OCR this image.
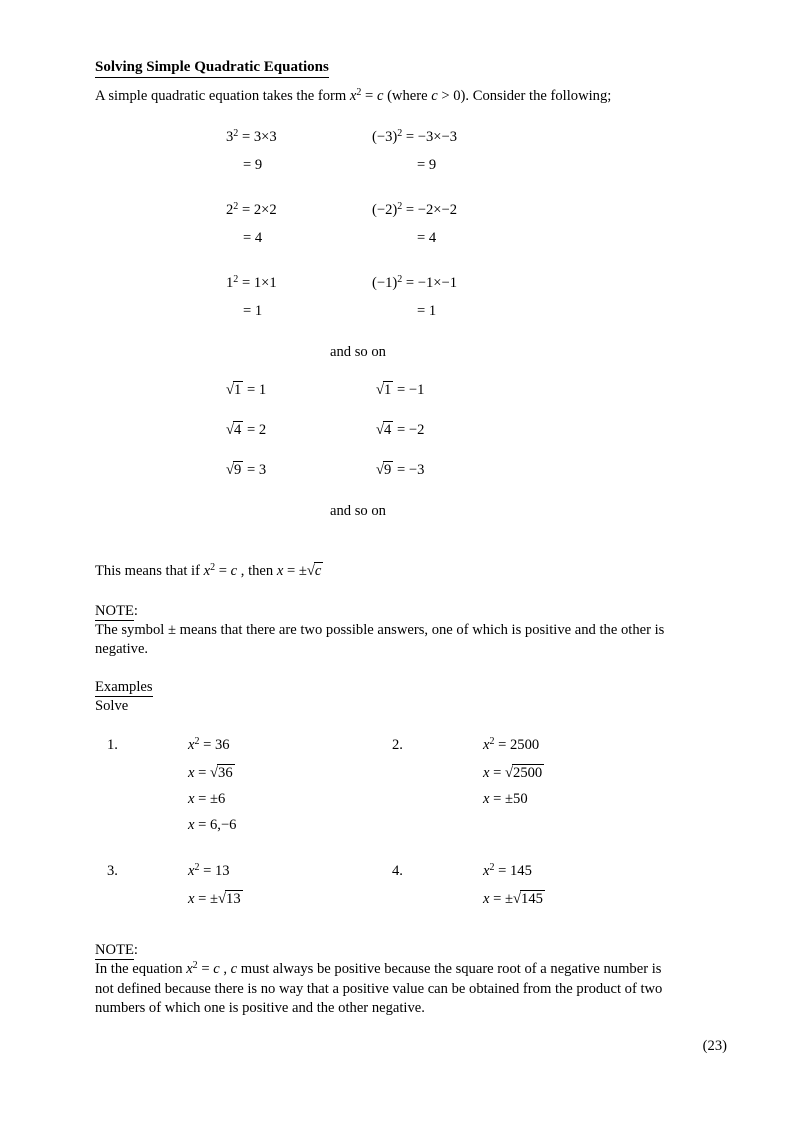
Solving Simple Quadratic Equations
A simple quadratic equation takes the form $x^2 = c$ (where c > 0). Consider the following;
$3^2 = 3\times 3$
= 9
$(-3)^2 = -3\times-3$
= 9
$2^2 = 2\times 2$
= 4
$(-2)^2 = -2\times-2$
= 4
$1^2 = 1\times 1$
= 1
$(-1)^2 = -1\times-1$
= 1
and so on
√1 = 1	√1 = −1
√4 = 2	√4 = −2
√9 = 3	√9 = −3
and so on
This means that if $x^2 = c$ , then x = ±√c
NOTE:
The symbol ± means that there are two possible answers, one of which is positive and the other is
negative.
Examples
Solve
1.	$x^2 = 36$
x = √36
x = ±6
x = 6,−6
2.	$x^2 = 2500$
x = √2500
x = ±50
3.	$x^2 = 13$
x = ±√13
4.	$x^2 = 145$
x = ±√145
NOTE:
In the equation $x^2 = c$ , c must always be positive because the square root of a negative number is
not defined because there is no way that a positive value can be obtained from the product of two
numbers of which one is positive and the other negative.
(23)
